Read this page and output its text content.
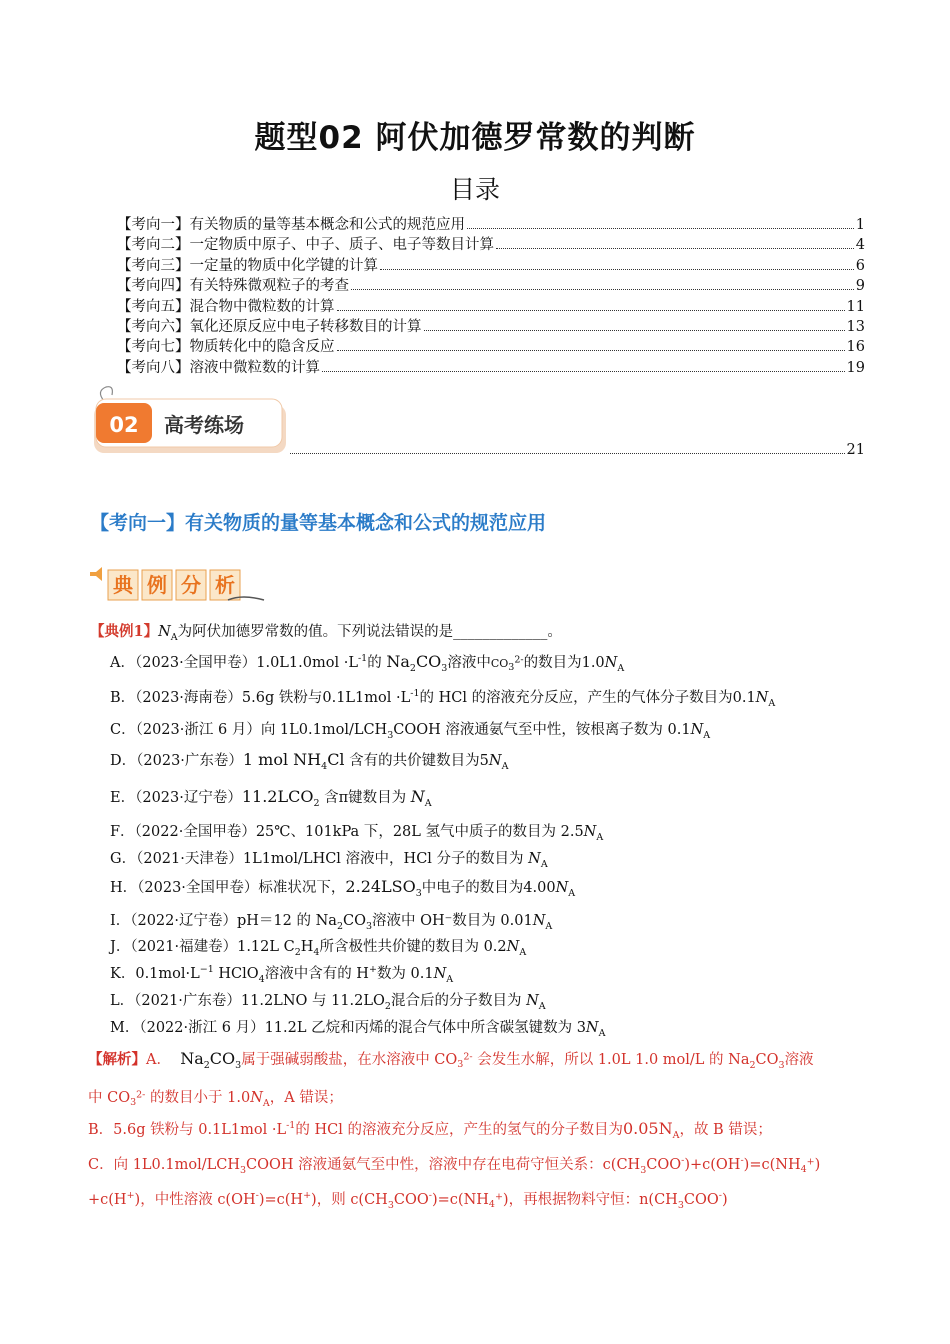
题型02 阿伏加德罗常数的判断
目录
【考向一】有关物质的量等基本概念和公式的规范应用	1
【考向二】一定物质中原子、中子、质子、电子等数目计算	4
【考向三】一定量的物质中化学键的计算	6
【考向四】有关特殊微观粒子的考查	9
【考向五】混合物中微粒数的计算	11
【考向六】氧化还原反应中电子转移数目的计算	13
【考向七】物质转化中的隐含反应	16
【考向八】溶液中微粒数的计算	19
02 高考练场
21
【考向一】有关物质的量等基本概念和公式的规范应用
典 例 分 析
【典例1】$N_A$为阿伏加德罗常数的值。下列说法错误的是_____________。
A．（2023·全国甲卷）$1.0L1.0mol \cdot L^{-1}$的 $Na_2CO_3$溶液中$CO_3^{2-}$的数目为$1.0N_A$
B．（2023·海南卷）5.6g 铁粉与$0.1L1mol \cdot L^{-1}$的 HCl 的溶液充分反应，产生的气体分子数目为$0.1N_A$
C．（2023·浙江 6 月）向 $1L0.1mol/LCH_3COOH$ 溶液通氨气至中性，铵根离子数为 $0.1N_A$
D．（2023·广东卷）1 mol $NH_4Cl$ 含有的共价键数目为$5N_A$
E．（2023·辽宁卷）$11.2LCO_2$ 含π键数目为 $N_A$
F．（2022·全国甲卷）25℃、101kPa 下，28L 氢气中质子的数目为 $2.5N_A$
G．（2021·天津卷）1L1mol/LHCl 溶液中，HCl 分子的数目为 $N_A$
H．（2023·全国甲卷）标准状况下，$2.24LSO_3$中电子的数目为$4.00N_A$
I．（2022·辽宁卷）pH＝12 的 $Na_2CO_3$溶液中 OH⁻数目为 $0.01N_A$
J．（2021·福建卷）1.12L $C_2H_4$所含极性共价键的数目为 $0.2N_A$
K．$0.1mol\cdot L^{-1}$ HClO$_4$溶液中含有的 H+数为 $0.1N_A$
L．（2021·广东卷）11.2LNO 与 $11.2LO_2$混合后的分子数目为 $N_A$
M．（2022·浙江 6 月）11.2L 乙烷和丙烯的混合气体中所含碳氢键数为 $3N_A$
【解析】A． $Na_2CO_3$属于强碱弱酸盐，在水溶液中 $CO_3^{2-}$ 会发生水解，所以 1.0L 1.0 mol/L 的 $Na_2CO_3$溶液
中 $CO_3^{2-}$ 的数目小于 $1.0N_A$，A 错误；
B．5.6g 铁粉与 $0.1L1mol \cdot L^{-1}$的 HCl 的溶液充分反应，产生的氢气的分子数目为$0.05N_A$，故 B 错误；
C．向 $1L0.1mol/LCH_3COOH$ 溶液通氨气至中性，溶液中存在电荷守恒关系：$c(CH_3COO^-)+c(OH^-)=c(NH_4^+)$
+c(H+)，中性溶液 c(OH-)=c(H+)，则 $c(CH_3COO^-)=c(NH_4^+)$，再根据物料守恒：$n(CH_3COO^-)$
